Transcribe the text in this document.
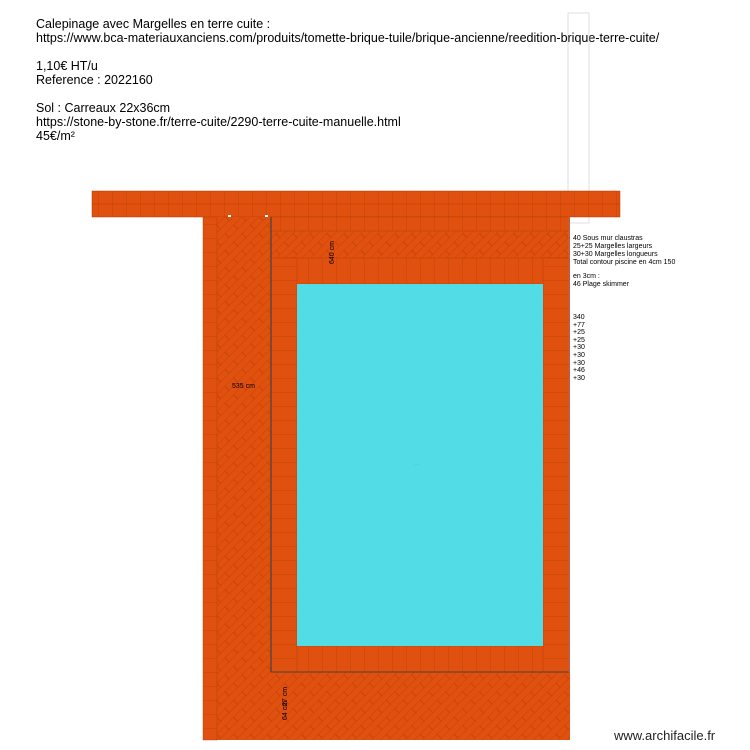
Calepinage avec Margelles en terre cuite :
https://www.bca-materiauxanciens.com/produits/tomette-brique-tuile/brique-ancienne/reedition-brique-terre-cuite/
1,10€ HT/u
Reference : 2022160
Sol : Carreaux 22x36cm
https://stone-by-stone.fr/terre-cuite/2290-terre-cuite-manuelle.html
45€/m²
640 cm
535 cm
27 cm
64 cm
·····
40 Sous mur claustras
25+25 Margelles largeurs
30+30 Margelles longueurs
Total contour piscine en 4cm 150
en 3cm :
46 Plage skimmer
340
+77
+25
+25
+30
+30
+30
+46
+30
www.archifacile.fr
